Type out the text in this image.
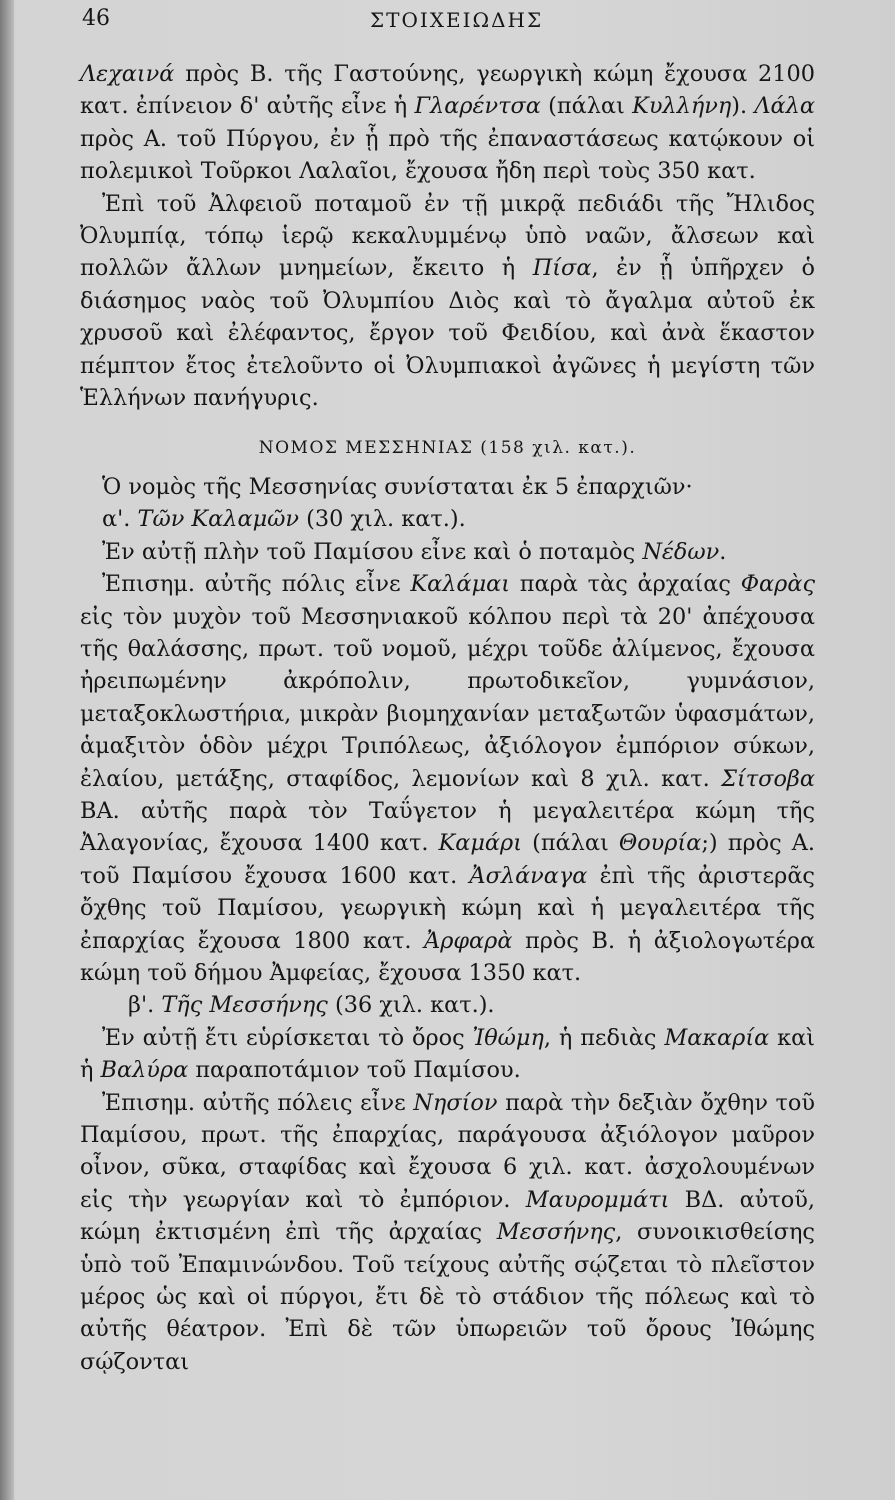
46	ΣΤΟΙΧΕΙΩΔΗΣ

Λεχαινά πρὸς Β. τῆς Γαστούνης, γεωργικὴ κώμη ἔχουσα 2100 κατ. ἐπίνειον δ' αὐτῆς εἶνε ἡ Γλαρέντσα (πάλαι Κυλλήνη). Λάλα πρὸς Α. τοῦ Πύργου, ἐν ᾗ πρὸ τῆς ἐπαναστάσεως κατῴκουν οἱ πολεμικοὶ Τοῦρκοι Λαλαῖοι, ἔχουσα ἤδη περὶ τοὺς 350 κατ.

Ἐπὶ τοῦ Ἀλφειοῦ ποταμοῦ ἐν τῇ μικρᾷ πεδιάδι τῆς Ἤλιδος Ὀλυμπίᾳ, τόπῳ ἱερῷ κεκαλυμμένῳ ὑπὸ ναῶν, ἄλσεων καὶ πολλῶν ἄλλων μνημείων, ἔκειτο ἡ Πίσα, ἐν ᾗ ὑπῆρχεν ὁ διάσημος ναὸς τοῦ Ὀλυμπίου Διὸς καὶ τὸ ἄγαλμα αὐτοῦ ἐκ χρυσοῦ καὶ ἐλέφαντος, ἔργον τοῦ Φειδίου, καὶ ἀνὰ ἕκαστον πέμπτον ἔτος ἐτελοῦντο οἱ Ὀλυμπιακοὶ ἀγῶνες ἡ μεγίστη τῶν Ἑλλήνων πανήγυρις.

ΝΟΜΟΣ ΜΕΣΣΗΝΙΑΣ (158 χιλ. κατ.).

Ὁ νομὸς τῆς Μεσσηνίας συνίσταται ἐκ 5 ἐπαρχιῶν·

α'. Τῶν Καλαμῶν (30 χιλ. κατ.).

Ἐν αὐτῇ πλὴν τοῦ Παμίσου εἶνε καὶ ὁ ποταμὸς Νέδων.

Ἐπισημ. αὐτῆς πόλις εἶνε Καλάμαι παρὰ τὰς ἀρχαίας Φαρὰς εἰς τὸν μυχὸν τοῦ Μεσσηνιακοῦ κόλπου περὶ τὰ 20' ἀπέχουσα τῆς θαλάσσης, πρωτ. τοῦ νομοῦ, μέχρι τοῦδε ἀλίμενος, ἔχουσα ἠρειπωμένην ἀκρόπολιν, πρωτοδικεῖον, γυμνάσιον, μεταξοκλωστήρια, μικρὰν βιομηχανίαν μεταξωτῶν ὑφασμάτων, ἁμαξιτὸν ὁδὸν μέχρι Τριπόλεως, ἀξιόλογον ἐμπόριον σύκων, ἐλαίου, μετάξης, σταφίδος, λεμονίων καὶ 8 χιλ. κατ. Σίτσοβα ΒΑ. αὐτῆς παρὰ τὸν Ταΰγετον ἡ μεγαλειτέρα κώμη τῆς Ἀλαγονίας, ἔχουσα 1400 κατ. Καμάρι (πάλαι Θουρία;) πρὸς Α. τοῦ Παμίσου ἔχουσα 1600 κατ. Ἀσλάναγα ἐπὶ τῆς ἀριστερᾶς ὄχθης τοῦ Παμίσου, γεωργικὴ κώμη καὶ ἡ μεγαλειτέρα τῆς ἐπαρχίας ἔχουσα 1800 κατ. Ἀρφαρὰ πρὸς Β. ἡ ἀξιολογωτέρα κώμη τοῦ δήμου Ἀμφείας, ἔχουσα 1350 κατ.

β'. Τῆς Μεσσήνης (36 χιλ. κατ.).

Ἐν αὐτῇ ἔτι εὑρίσκεται τὸ ὄρος Ἰθώμη, ἡ πεδιὰς Μακαρία καὶ ἡ Βαλύρα παραποτάμιον τοῦ Παμίσου.

Ἐπισημ. αὐτῆς πόλεις εἶνε Νησίον παρὰ τὴν δεξιὰν ὄχθην τοῦ Παμίσου, πρωτ. τῆς ἐπαρχίας, παράγουσα ἀξιόλογον μαῦρον οἶνον, σῦκα, σταφίδας καὶ ἔχουσα 6 χιλ. κατ. ἀσχολουμένων εἰς τὴν γεωργίαν καὶ τὸ ἐμπόριον. Μαυρομμάτι ΒΔ. αὐτοῦ, κώμη ἐκτισμένη ἐπὶ τῆς ἀρχαίας Μεσσήνης, συνοικισθείσης ὑπὸ τοῦ Ἐπαμινώνδου. Τοῦ τείχους αὐτῆς σῴζεται τὸ πλεῖστον μέρος ὡς καὶ οἱ πύργοι, ἔτι δὲ τὸ στάδιον τῆς πόλεως καὶ τὸ αὐτῆς θέατρον. Ἐπὶ δὲ τῶν ὑπωρειῶν τοῦ ὄρους Ἰθώμης σῴζονται
